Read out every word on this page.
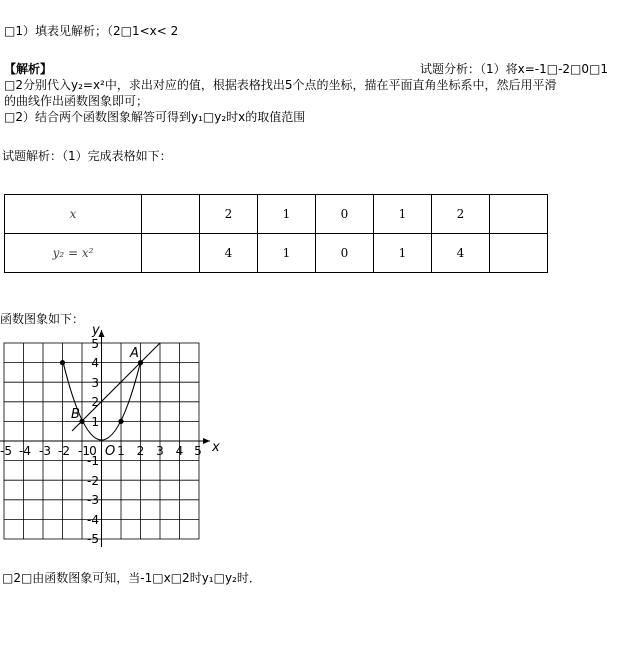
□1）填表见解析；（2□1<x< 2
【解析】	试题分析：（1）将x=-1□-2□0□1
□2分别代入y₂=x²中，求出对应的值，根据表格找出5个点的坐标，描在平面直角坐标系中，然后用平滑
的曲线作出函数图象即可；
□2）结合两个函数图象解答可得到y₁□y₂时x的取值范围
试题解析：（1）完成表格如下：
x		2	1	0	1	2	
y₂ = x²		4	1	0	1	4	
函数图象如下：
-5 -4 -3 -2 -1 0 1 2 3 4 5
5
4
3
2
1
-1
-2
-3
-4
-5
x
y
O
A
B
□2□由函数图象可知，当-1□x□2时y₁□y₂时．
